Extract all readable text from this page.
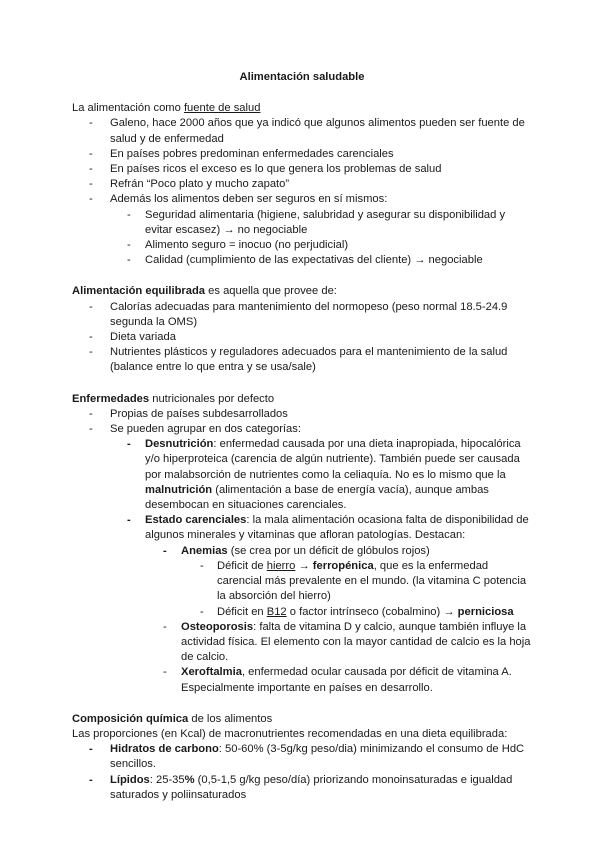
Alimentación saludable

La alimentación como fuente de salud

- Galeno, hace 2000 años que ya indicó que algunos alimentos pueden ser fuente de salud y de enfermedad
- En países pobres predominan enfermedades carenciales
- En países ricos el exceso es lo que genera los problemas de salud
- Refrán “Poco plato y mucho zapato”
- Además los alimentos deben ser seguros en sí mismos:
- Seguridad alimentaria (higiene, salubridad y asegurar su disponibilidad y evitar escasez) → no negociable
- Alimento seguro = inocuo (no perjudicial)
- Calidad (cumplimiento de las expectativas del cliente) → negociable

Alimentación equilibrada es aquella que provee de:

- Calorías adecuadas para mantenimiento del normopeso (peso normal 18.5-24.9 segunda la OMS)
- Dieta variada
- Nutrientes plásticos y reguladores adecuados para el mantenimiento de la salud (balance entre lo que entra y se usa/sale)

Enfermedades nutricionales por defecto

- Propias de países subdesarrollados
- Se pueden agrupar en dos categorías:
- Desnutrición: enfermedad causada por una dieta inapropiada, hipocalórica y/o hiperproteica (carencia de algún nutriente). También puede ser causada por malabsorción de nutrientes como la celiaquía. No es lo mismo que la malnutrición (alimentación a base de energía vacía), aunque ambas desembocan en situaciones carenciales.
- Estado carenciales: la mala alimentación ocasiona falta de disponibilidad de algunos minerales y vitaminas que afloran patologías. Destacan:
- Anemias (se crea por un déficit de glóbulos rojos)
- Déficit de hierro → ferropénica, que es la enfermedad carencial más prevalente en el mundo. (la vitamina C potencia la absorción del hierro)
- Déficit en B12 o factor intrínseco (cobalmino) → perniciosa
- Osteoporosis: falta de vitamina D y calcio, aunque también influye la actividad física. El elemento con la mayor cantidad de calcio es la hoja de calcio.
- Xeroftalmia, enfermedad ocular causada por déficit de vitamina A. Especialmente importante en países en desarrollo.

Composición química de los alimentos

Las proporciones (en Kcal) de macronutrientes recomendadas en una dieta equilibrada:

- Hidratos de carbono: 50-60% (3-5g/kg peso/dia) minimizando el consumo de HdC sencillos.
- Lípidos: 25-35% (0,5-1,5 g/kg peso/día) priorizando monoinsaturadas e igualdad saturados y poliinsaturados
